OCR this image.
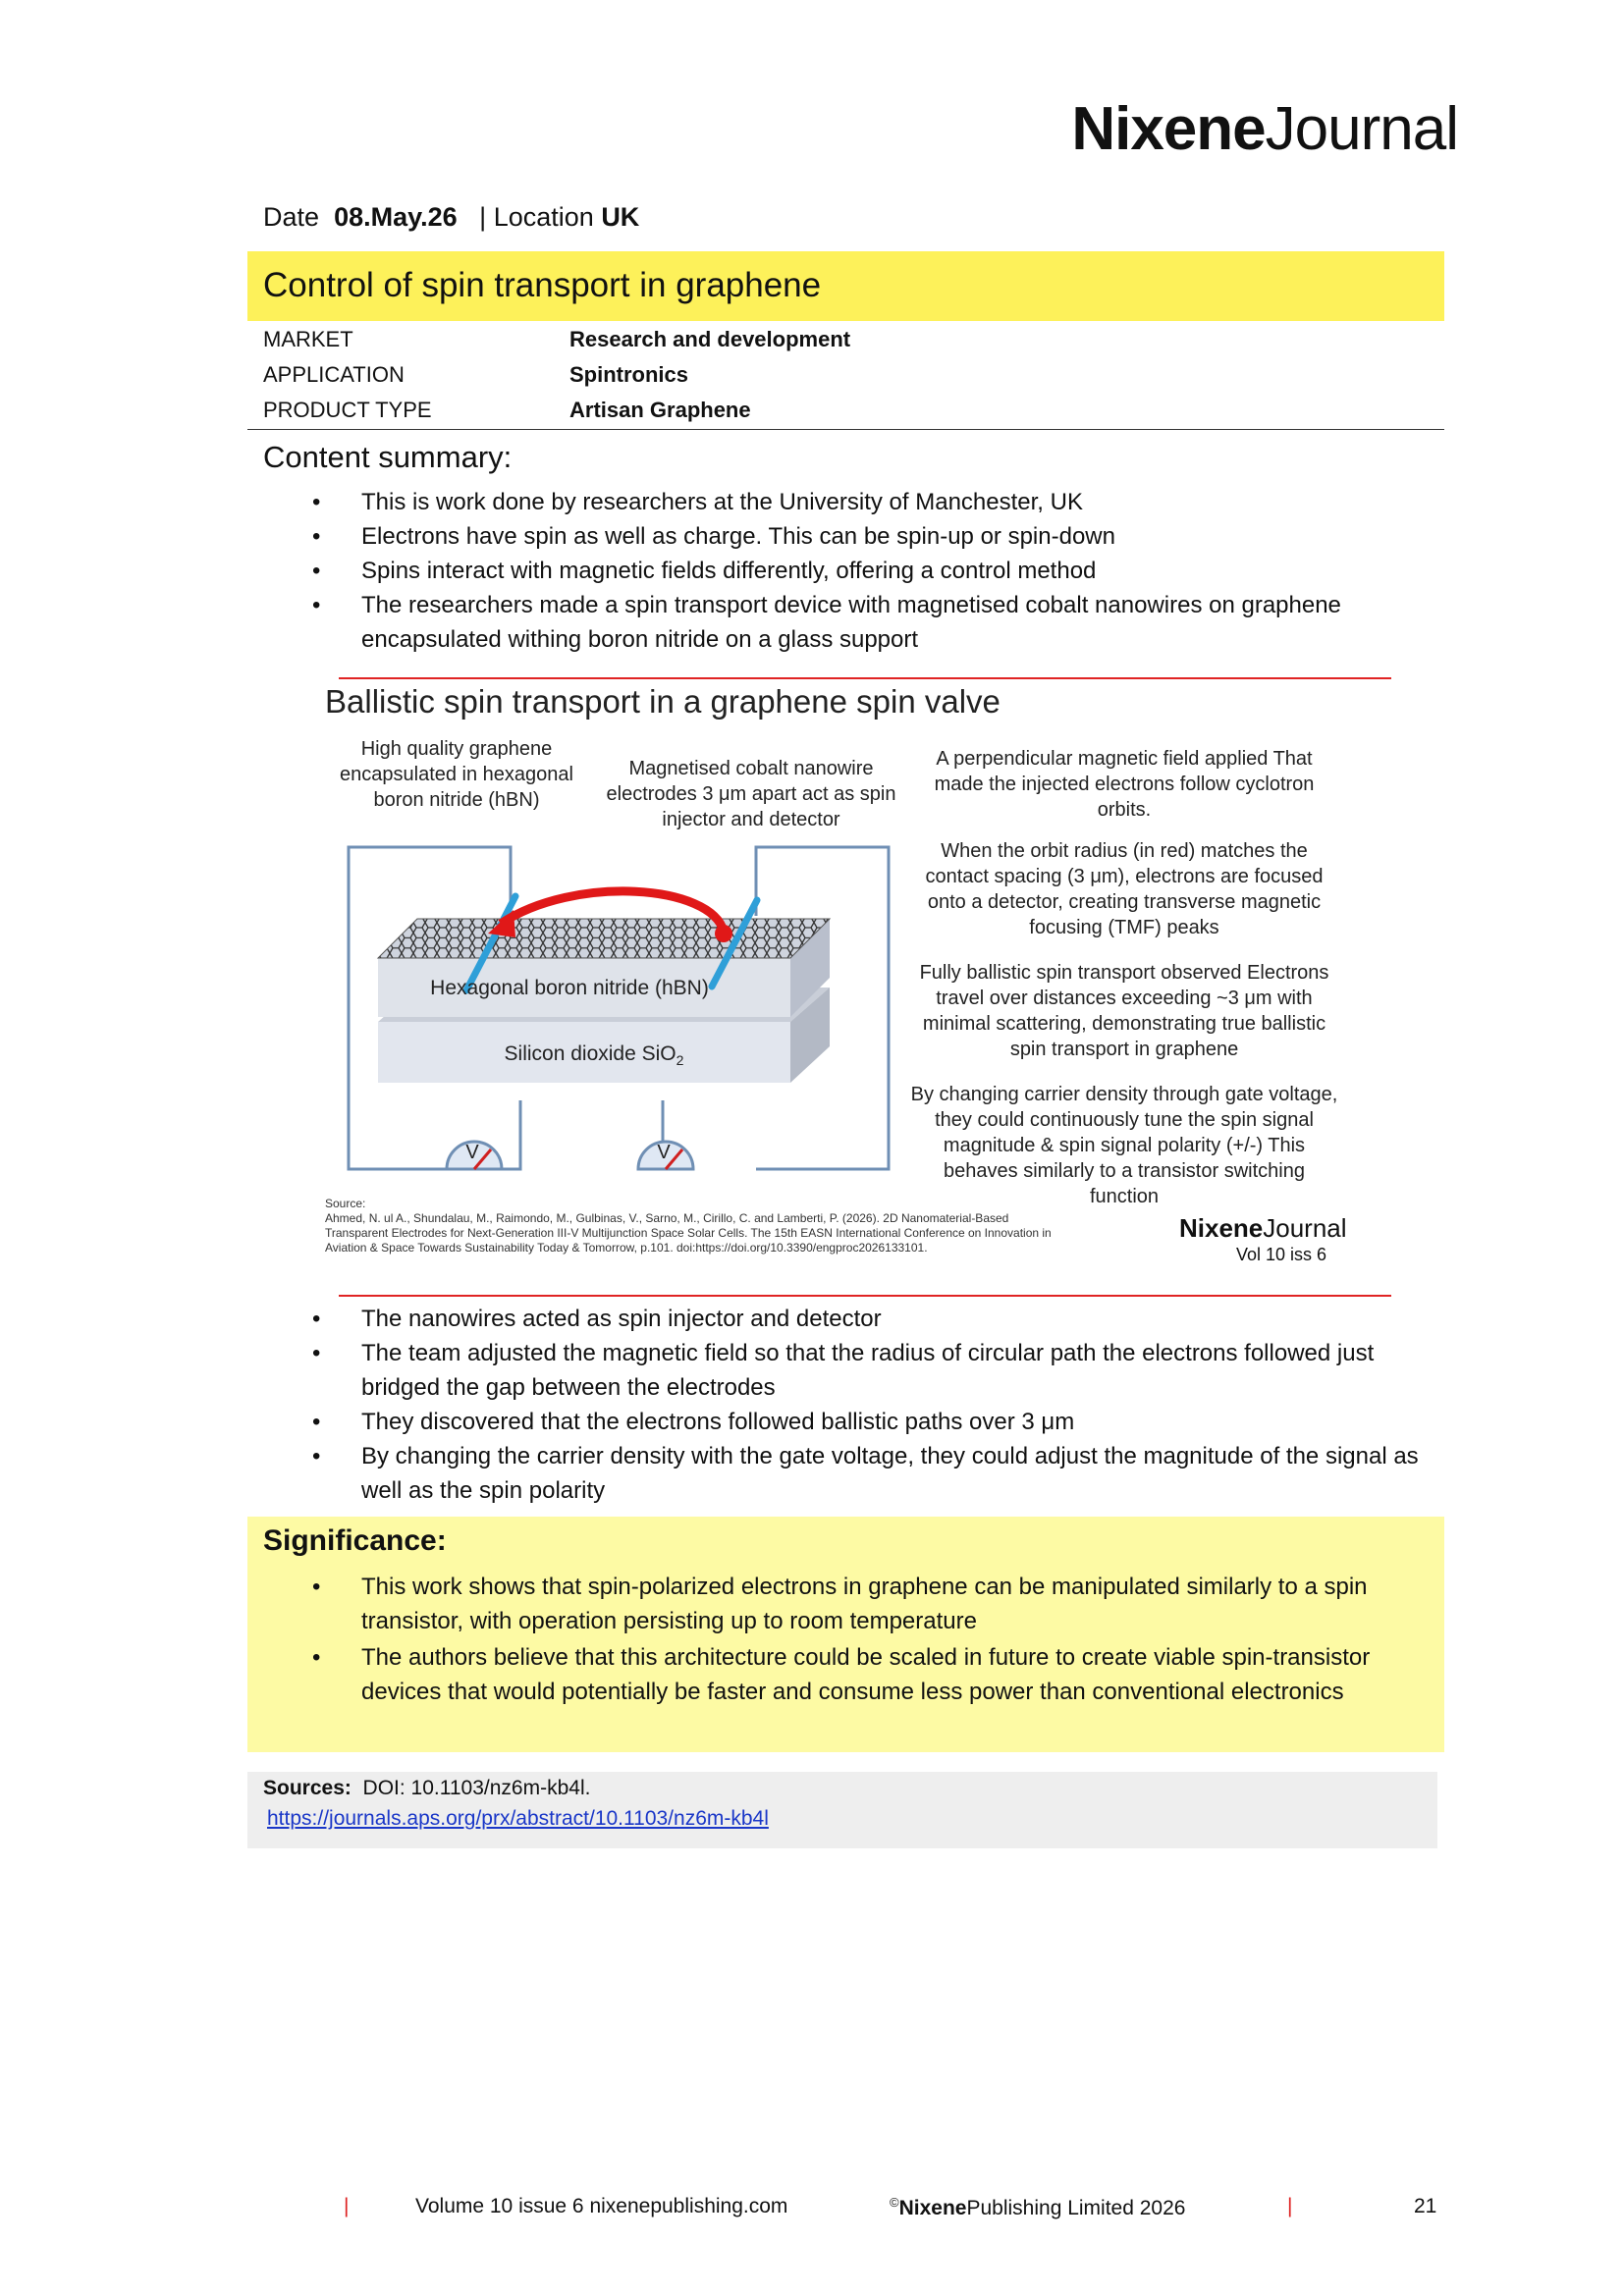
NixeneJournal
Date 08.May.26 | Location UK
Control of spin transport in graphene
MARKET	Research and development
APPLICATION	Spintronics
PRODUCT TYPE	Artisan Graphene
Content summary:
• This is work done by researchers at the University of Manchester, UK
• Electrons have spin as well as charge. This can be spin-up or spin-down
• Spins interact with magnetic fields differently, offering a control method
• The researchers made a spin transport device with magnetised cobalt nanowires on graphene encapsulated withing boron nitride on a glass support
Ballistic spin transport in a graphene spin valve
High quality graphene encapsulated in hexagonal boron nitride (hBN)
Magnetised cobalt nanowire electrodes 3 μm apart act as spin injector and detector
A perpendicular magnetic field applied That made the injected electrons follow cyclotron orbits.
When the orbit radius (in red) matches the contact spacing (3 μm), electrons are focused onto a detector, creating transverse magnetic focusing (TMF) peaks
Fully ballistic spin transport observed Electrons travel over distances exceeding ~3 μm with minimal scattering, demonstrating true ballistic spin transport in graphene
By changing carrier density through gate voltage, they could continuously tune the spin signal magnitude & spin signal polarity (+/-) This behaves similarly to a transistor switching function
Hexagonal boron nitride (hBN)
Silicon dioxide SiO$_2$
V	V
Source:
Ahmed, N. ul A., Shundalau, M., Raimondo, M., Gulbinas, V., Sarno, M., Cirillo, C. and Lamberti, P. (2026). 2D Nanomaterial-Based Transparent Electrodes for Next-Generation III-V Multijunction Space Solar Cells. The 15th EASN International Conference on Innovation in Aviation & Space Towards Sustainability Today & Tomorrow, p.101. doi:https://doi.org/10.3390/engproc2026133101.
NixeneJournal
Vol 10 iss 6
• The nanowires acted as spin injector and detector
• The team adjusted the magnetic field so that the radius of circular path the electrons followed just bridged the gap between the electrodes
• They discovered that the electrons followed ballistic paths over 3 μm
• By changing the carrier density with the gate voltage, they could adjust the magnitude of the signal as well as the spin polarity
Significance:
• This work shows that spin-polarized electrons in graphene can be manipulated similarly to a spin transistor, with operation persisting up to room temperature
• The authors believe that this architecture could be scaled in future to create viable spin-transistor devices that would potentially be faster and consume less power than conventional electronics
Sources: DOI: 10.1103/nz6m-kb4l.
https://journals.aps.org/prx/abstract/10.1103/nz6m-kb4l
|	Volume 10 issue 6 nixenepublishing.com	©NixenePublishing Limited 2026	|	21
